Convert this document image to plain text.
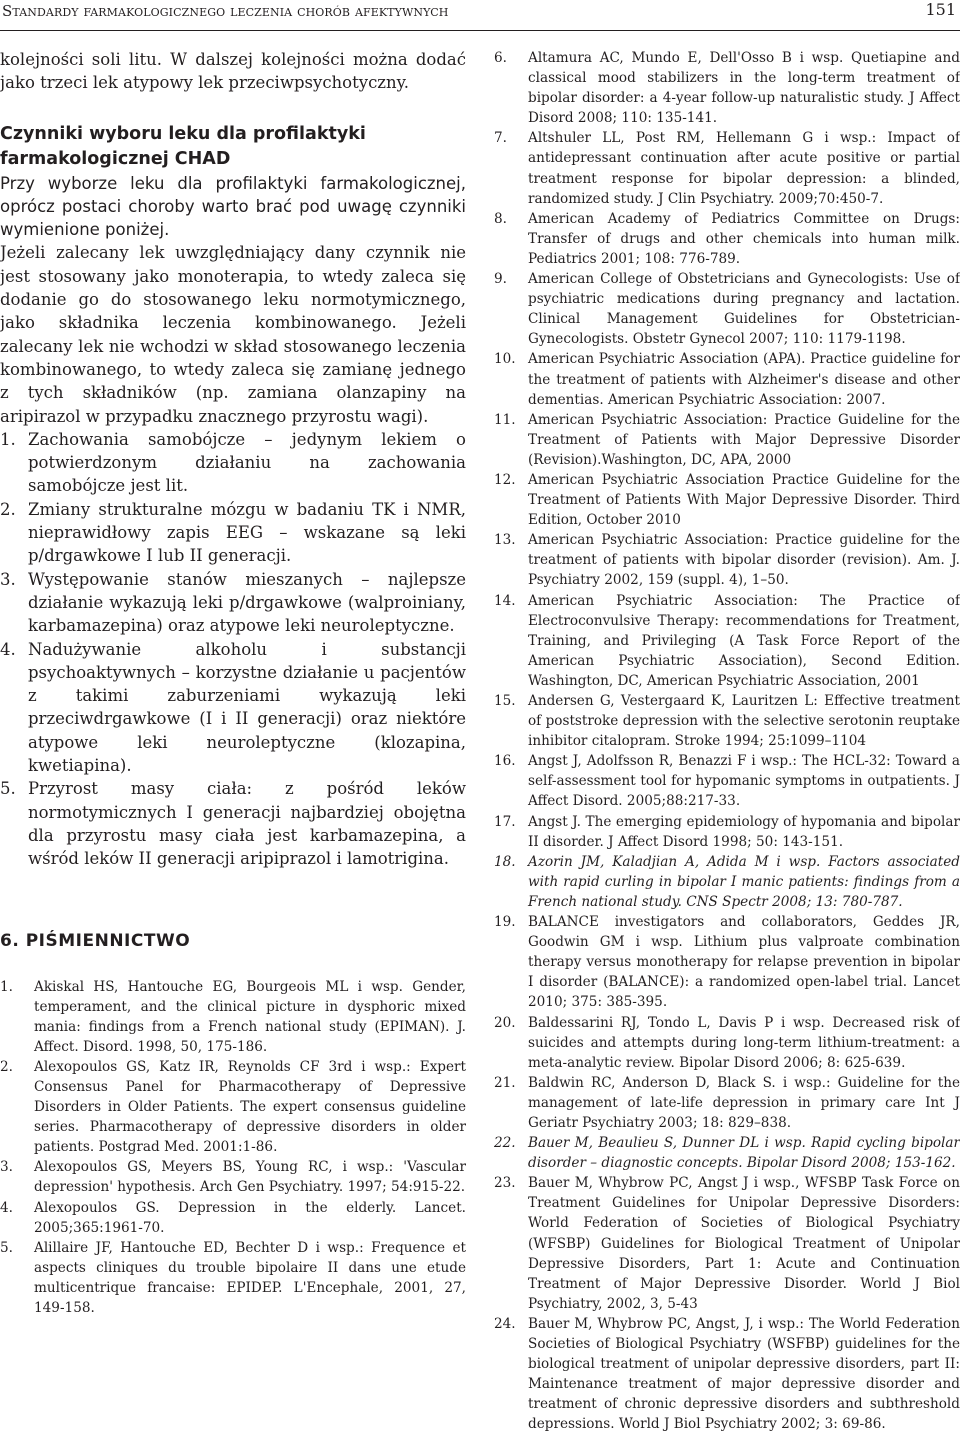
Standardy farmakologicznego leczenia chorób afektywnych	151

kolejności soli litu. W dalszej kolejności można dodać jako trzeci lek atypowy lek przeciwpsychotyczny.

Czynniki wyboru leku dla profilaktyki farmakologicznej CHAD

Przy wyborze leku dla profilaktyki farmakologicznej, oprócz postaci choroby warto brać pod uwagę czynniki wymienione poniżej.

Jeżeli zalecany lek uwzględniający dany czynnik nie jest stosowany jako monoterapia, to wtedy zaleca się dodanie go do stosowanego leku normotymicznego, jako składnika leczenia kombinowanego. Jeżeli zalecany lek nie wchodzi w skład stosowanego leczenia kombinowanego, to wtedy zaleca się zamianę jednego z tych składników (np. zamiana olanzapiny na aripirazol w przypadku znacznego przyrostu wagi).

1. Zachowania samobójcze – jedynym lekiem o potwierdzonym działaniu na zachowania samobójcze jest lit.
2. Zmiany strukturalne mózgu w badaniu TK i NMR, nieprawidłowy zapis EEG – wskazane są leki p/drgawkowe I lub II generacji.
3. Występowanie stanów mieszanych – najlepsze działanie wykazują leki p/drgawkowe (walproiniany, karbamazepina) oraz atypowe leki neuroleptyczne.
4. Nadużywanie alkoholu i substancji psychoaktywnych – korzystne działanie u pacjentów z takimi zaburzeniami wykazują leki przeciwdrgawkowe (I i II generacji) oraz niektóre atypowe leki neuroleptyczne (klozapina, kwetiapina).
5. Przyrost masy ciała: z pośród leków normotymicznych I generacji najbardziej obojętna dla przyrostu masy ciała jest karbamazepina, a wśród leków II generacji aripiprazol i lamotrigina.

6. PIŚMIENNICTWO

1. Akiskal HS, Hantouche EG, Bourgeois ML i wsp. Gender, temperament, and the clinical picture in dysphoric mixed mania: findings from a French national study (EPIMAN). J. Affect. Disord. 1998, 50, 175-186.
2. Alexopoulos GS, Katz IR, Reynolds CF 3rd i wsp.: Expert Consensus Panel for Pharmacotherapy of Depressive Disorders in Older Patients. The expert consensus guideline series. Pharmacotherapy of depressive disorders in older patients. Postgrad Med. 2001:1-86.
3. Alexopoulos GS, Meyers BS, Young RC, i wsp.: 'Vascular depression' hypothesis. Arch Gen Psychiatry. 1997; 54:915-22.
4. Alexopoulos GS. Depression in the elderly. Lancet. 2005;365:1961-70.
5. Alillaire JF, Hantouche ED, Bechter D i wsp.: Frequence et aspects cliniques du trouble bipolaire II dans une etude multicentrique francaise: EPIDEP. L'Encephale, 2001, 27, 149-158.
6. Altamura AC, Mundo E, Dell'Osso B i wsp. Quetiapine and classical mood stabilizers in the long-term treatment of bipolar disorder: a 4-year follow-up naturalistic study. J Affect Disord 2008; 110: 135-141.
7. Altshuler LL, Post RM, Hellemann G i wsp.: Impact of antidepressant continuation after acute positive or partial treatment response for bipolar depression: a blinded, randomized study. J Clin Psychiatry. 2009;70:450-7.
8. American Academy of Pediatrics Committee on Drugs: Transfer of drugs and other chemicals into human milk. Pediatrics 2001; 108: 776-789.
9. American College of Obstetricians and Gynecologists: Use of psychiatric medications during pregnancy and lactation. Clinical Management Guidelines for Obstetrician-Gynecologists. Obstetr Gynecol 2007; 110: 1179-1198.
10. American Psychiatric Association (APA). Practice guideline for the treatment of patients with Alzheimer's disease and other dementias. American Psychiatric Association: 2007.
11. American Psychiatric Association: Practice Guideline for the Treatment of Patients with Major Depressive Disorder (Revision).Washington, DC, APA, 2000
12. American Psychiatric Association Practice Guideline for the Treatment of Patients With Major Depressive Disorder. Third Edition, October 2010
13. American Psychiatric Association: Practice guideline for the treatment of patients with bipolar disorder (revision). Am. J. Psychiatry 2002, 159 (suppl. 4), 1–50.
14. American Psychiatric Association: The Practice of Electroconvulsive Therapy: recommendations for Treatment, Training, and Privileging (A Task Force Report of the American Psychiatric Association), Second Edition. Washington, DC, American Psychiatric Association, 2001
15. Andersen G, Vestergaard K, Lauritzen L: Effective treatment of poststroke depression with the selective serotonin reuptake inhibitor citalopram. Stroke 1994; 25:1099–1104
16. Angst J, Adolfsson R, Benazzi F i wsp.: The HCL-32: Toward a self-assessment tool for hypomanic symptoms in outpatients. J Affect Disord. 2005;88:217-33.
17. Angst J. The emerging epidemiology of hypomania and bipolar II disorder. J Affect Disord 1998; 50: 143-151.
18. Azorin JM, Kaladjian A, Adida M i wsp. Factors associated with rapid curling in bipolar I manic patients: findings from a French national study. CNS Spectr 2008; 13: 780-787.
19. BALANCE investigators and collaborators, Geddes JR, Goodwin GM i wsp. Lithium plus valproate combination therapy versus monotherapy for relapse prevention in bipolar I disorder (BALANCE): a randomized open-label trial. Lancet 2010; 375: 385-395.
20. Baldessarini RJ, Tondo L, Davis P i wsp. Decreased risk of suicides and attempts during long-term lithium-treatment: a meta-analytic review. Bipolar Disord 2006; 8: 625-639.
21. Baldwin RC, Anderson D, Black S. i wsp.: Guideline for the management of late-life depression in primary care Int J Geriatr Psychiatry 2003; 18: 829–838.
22. Bauer M, Beaulieu S, Dunner DL i wsp. Rapid cycling bipolar disorder – diagnostic concepts. Bipolar Disord 2008; 153-162.
23. Bauer M, Whybrow PC, Angst J i wsp., WFSBP Task Force on Treatment Guidelines for Unipolar Depressive Disorders: World Federation of Societies of Biological Psychiatry (WFSBP) Guidelines for Biological Treatment of Unipolar Depressive Disorders, Part 1: Acute and Continuation Treatment of Major Depressive Disorder. World J Biol Psychiatry, 2002, 3, 5-43
24. Bauer M, Whybrow PC, Angst, J, i wsp.: The World Federation Societies of Biological Psychiatry (WSFBP) guidelines for the biological treatment of unipolar depressive disorders, part II: Maintenance treatment of major depressive disorder and treatment of chronic depressive disorders and subthreshold depressions. World J Biol Psychiatry 2002; 3: 69-86.
